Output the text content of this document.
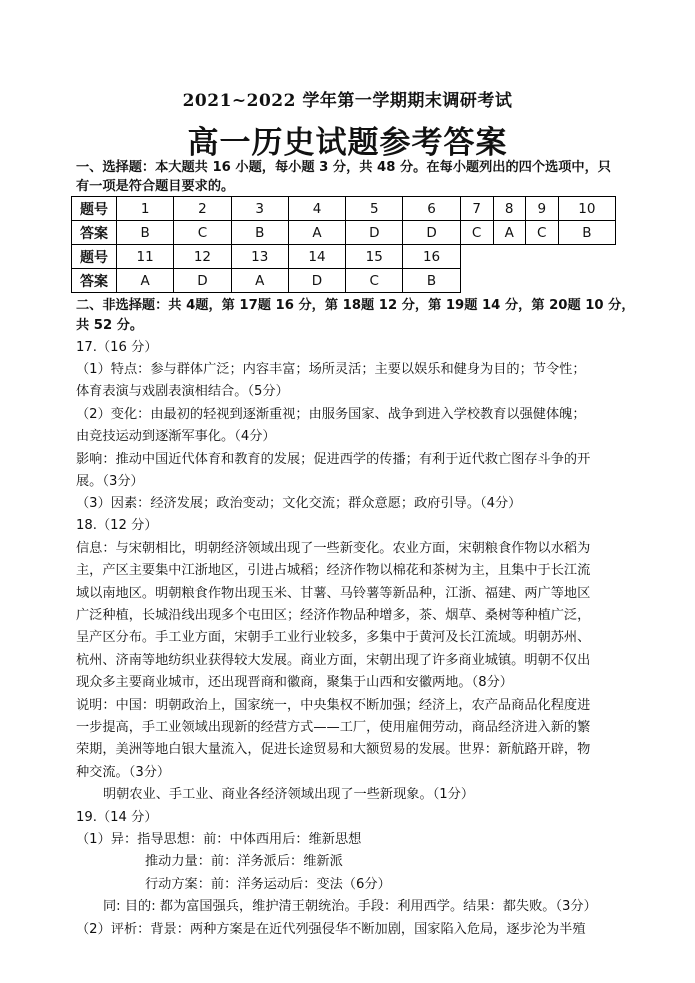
2021~2022 学年第一学期期末调研考试
高一历史试题参考答案
一、选择题：本大题共 16 小题，每小题 3 分，共 48 分。在每小题列出的四个选项中，只
有一项是符合题目要求的。
题号	1	2	3	4	5	6	7	8	9	10
答案	B	C	B	A	D	D	C	A	C	B
题号	11	12	13	14	15	16				
答案	A	D	A	D	C	B				
二、非选择题：共 4题，第 17题 16 分，第 18题 12 分，第 19题 14 分，第 20题 10 分，
共 52 分。
17.（16 分）
（1）特点：参与群体广泛；内容丰富；场所灵活；主要以娱乐和健身为目的；节令性；
体育表演与戏剧表演相结合。（5分）
（2）变化：由最初的轻视到逐渐重视；由服务国家、战争到进入学校教育以强健体魄；
由竞技运动到逐渐军事化。（4分）
影响：推动中国近代体育和教育的发展；促进西学的传播；有利于近代救亡图存斗争的开
展。（3分）
（3）因素：经济发展；政治变动；文化交流；群众意愿；政府引导。（4分）
18.（12 分）
信息：与宋朝相比，明朝经济领域出现了一些新变化。农业方面，宋朝粮食作物以水稻为
主，产区主要集中江浙地区，引进占城稻；经济作物以棉花和茶树为主，且集中于长江流
域以南地区。明朝粮食作物出现玉米、甘薯、马铃薯等新品种，江浙、福建、两广等地区
广泛种植，长城沿线出现多个屯田区；经济作物品种增多，茶、烟草、桑树等种植广泛，
呈产区分布。手工业方面，宋朝手工业行业较多，多集中于黄河及长江流域。明朝苏州、
杭州、济南等地纺织业获得较大发展。商业方面，宋朝出现了许多商业城镇。明朝不仅出
现众多主要商业城市，还出现晋商和徽商，聚集于山西和安徽两地。（8分）
说明：中国：明朝政治上，国家统一，中央集权不断加强；经济上，农产品商品化程度进
一步提高，手工业领域出现新的经营方式——工厂，使用雇佣劳动，商品经济进入新的繁
荣期，美洲等地白银大量流入，促进长途贸易和大额贸易的发展。世界：新航路开辟，物
种交流。（3分）
明朝农业、手工业、商业各经济领域出现了一些新现象。（1分）
19.（14 分）
（1）异：指导思想：前：中体西用后：维新思想
推动力量：前：洋务派后：维新派
行动方案：前：洋务运动后：变法（6分）
同: 目的: 都为富国强兵，维护清王朝统治。手段：利用西学。结果：都失败。（3分）
（2）评析：背景：两种方案是在近代列强侵华不断加剧，国家陷入危局，逐步沦为半殖
